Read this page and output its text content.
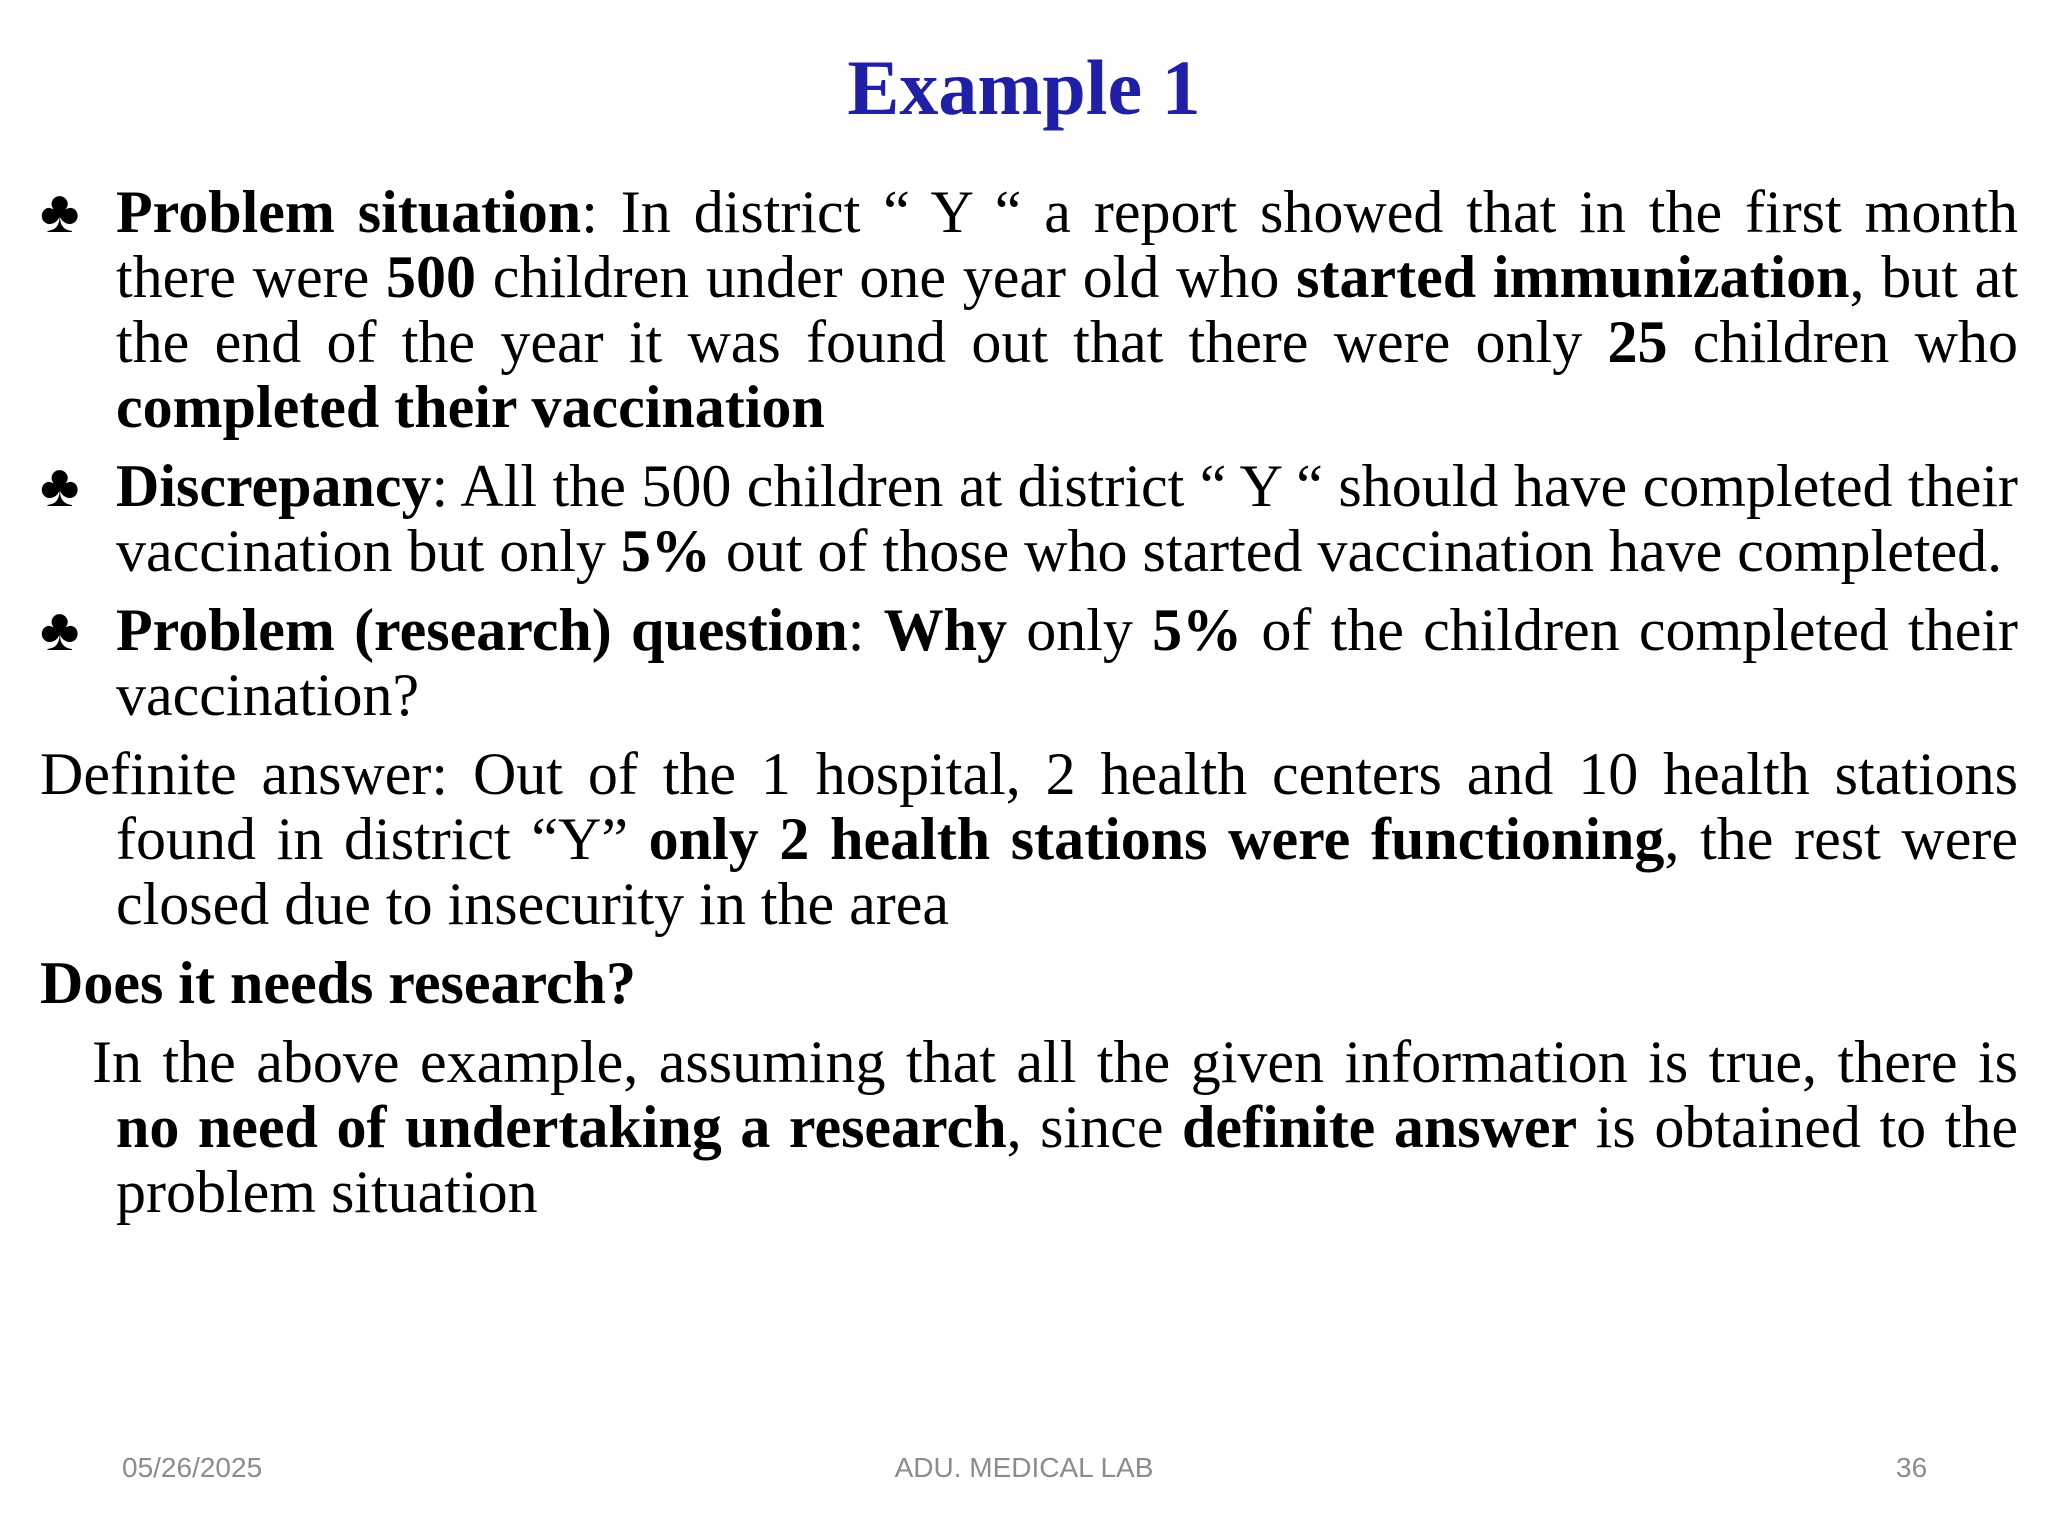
Example 1

♣ Problem situation: In district “ Y “ a report showed that in the first month there were 500 children under one year old who started immunization, but at the end of the year it was found out that there were only 25 children who completed their vaccination

♣ Discrepancy: All the 500 children at district “ Y “ should have completed their vaccination but only 5% out of those who started vaccination have completed.

♣ Problem (research) question: Why only 5% of the children completed their vaccination?

Definite answer: Out of the 1 hospital, 2 health centers and 10 health stations found in district “Y” only 2 health stations were functioning, the rest were closed due to insecurity in the area

Does it needs research?

In the above example, assuming that all the given information is true, there is no need of undertaking a research, since definite answer is obtained to the problem situation

05/26/2025	ADU. MEDICAL LAB	36
